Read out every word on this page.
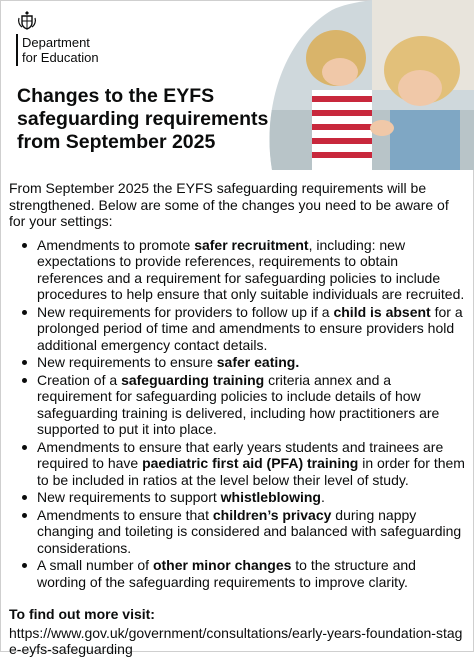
Department
for Education
Changes to the EYFS
safeguarding requirements
from September 2025

From September 2025 the EYFS safeguarding requirements will be strengthened. Below are some of the changes you need to be aware of for your settings:

Amendments to promote safer recruitment, including: new expectations to provide references, requirements to obtain references and a requirement for safeguarding policies to include procedures to help ensure that only suitable individuals are recruited.
New requirements for providers to follow up if a child is absent for a prolonged period of time and amendments to ensure providers hold additional emergency contact details.
New requirements to ensure safer eating.
Creation of a safeguarding training criteria annex and a requirement for safeguarding policies to include details of how safeguarding training is delivered, including how practitioners are supported to put it into place.
Amendments to ensure that early years students and trainees are required to have paediatric first aid (PFA) training in order for them to be included in ratios at the level below their level of study.
New requirements to support whistleblowing.
Amendments to ensure that children’s privacy during nappy changing and toileting is considered and balanced with safeguarding considerations.
A small number of other minor changes to the structure and wording of the safeguarding requirements to improve clarity.

To find out more visit:

https://www.gov.uk/government/consultations/early-years-foundation-stage-eyfs-safeguarding
